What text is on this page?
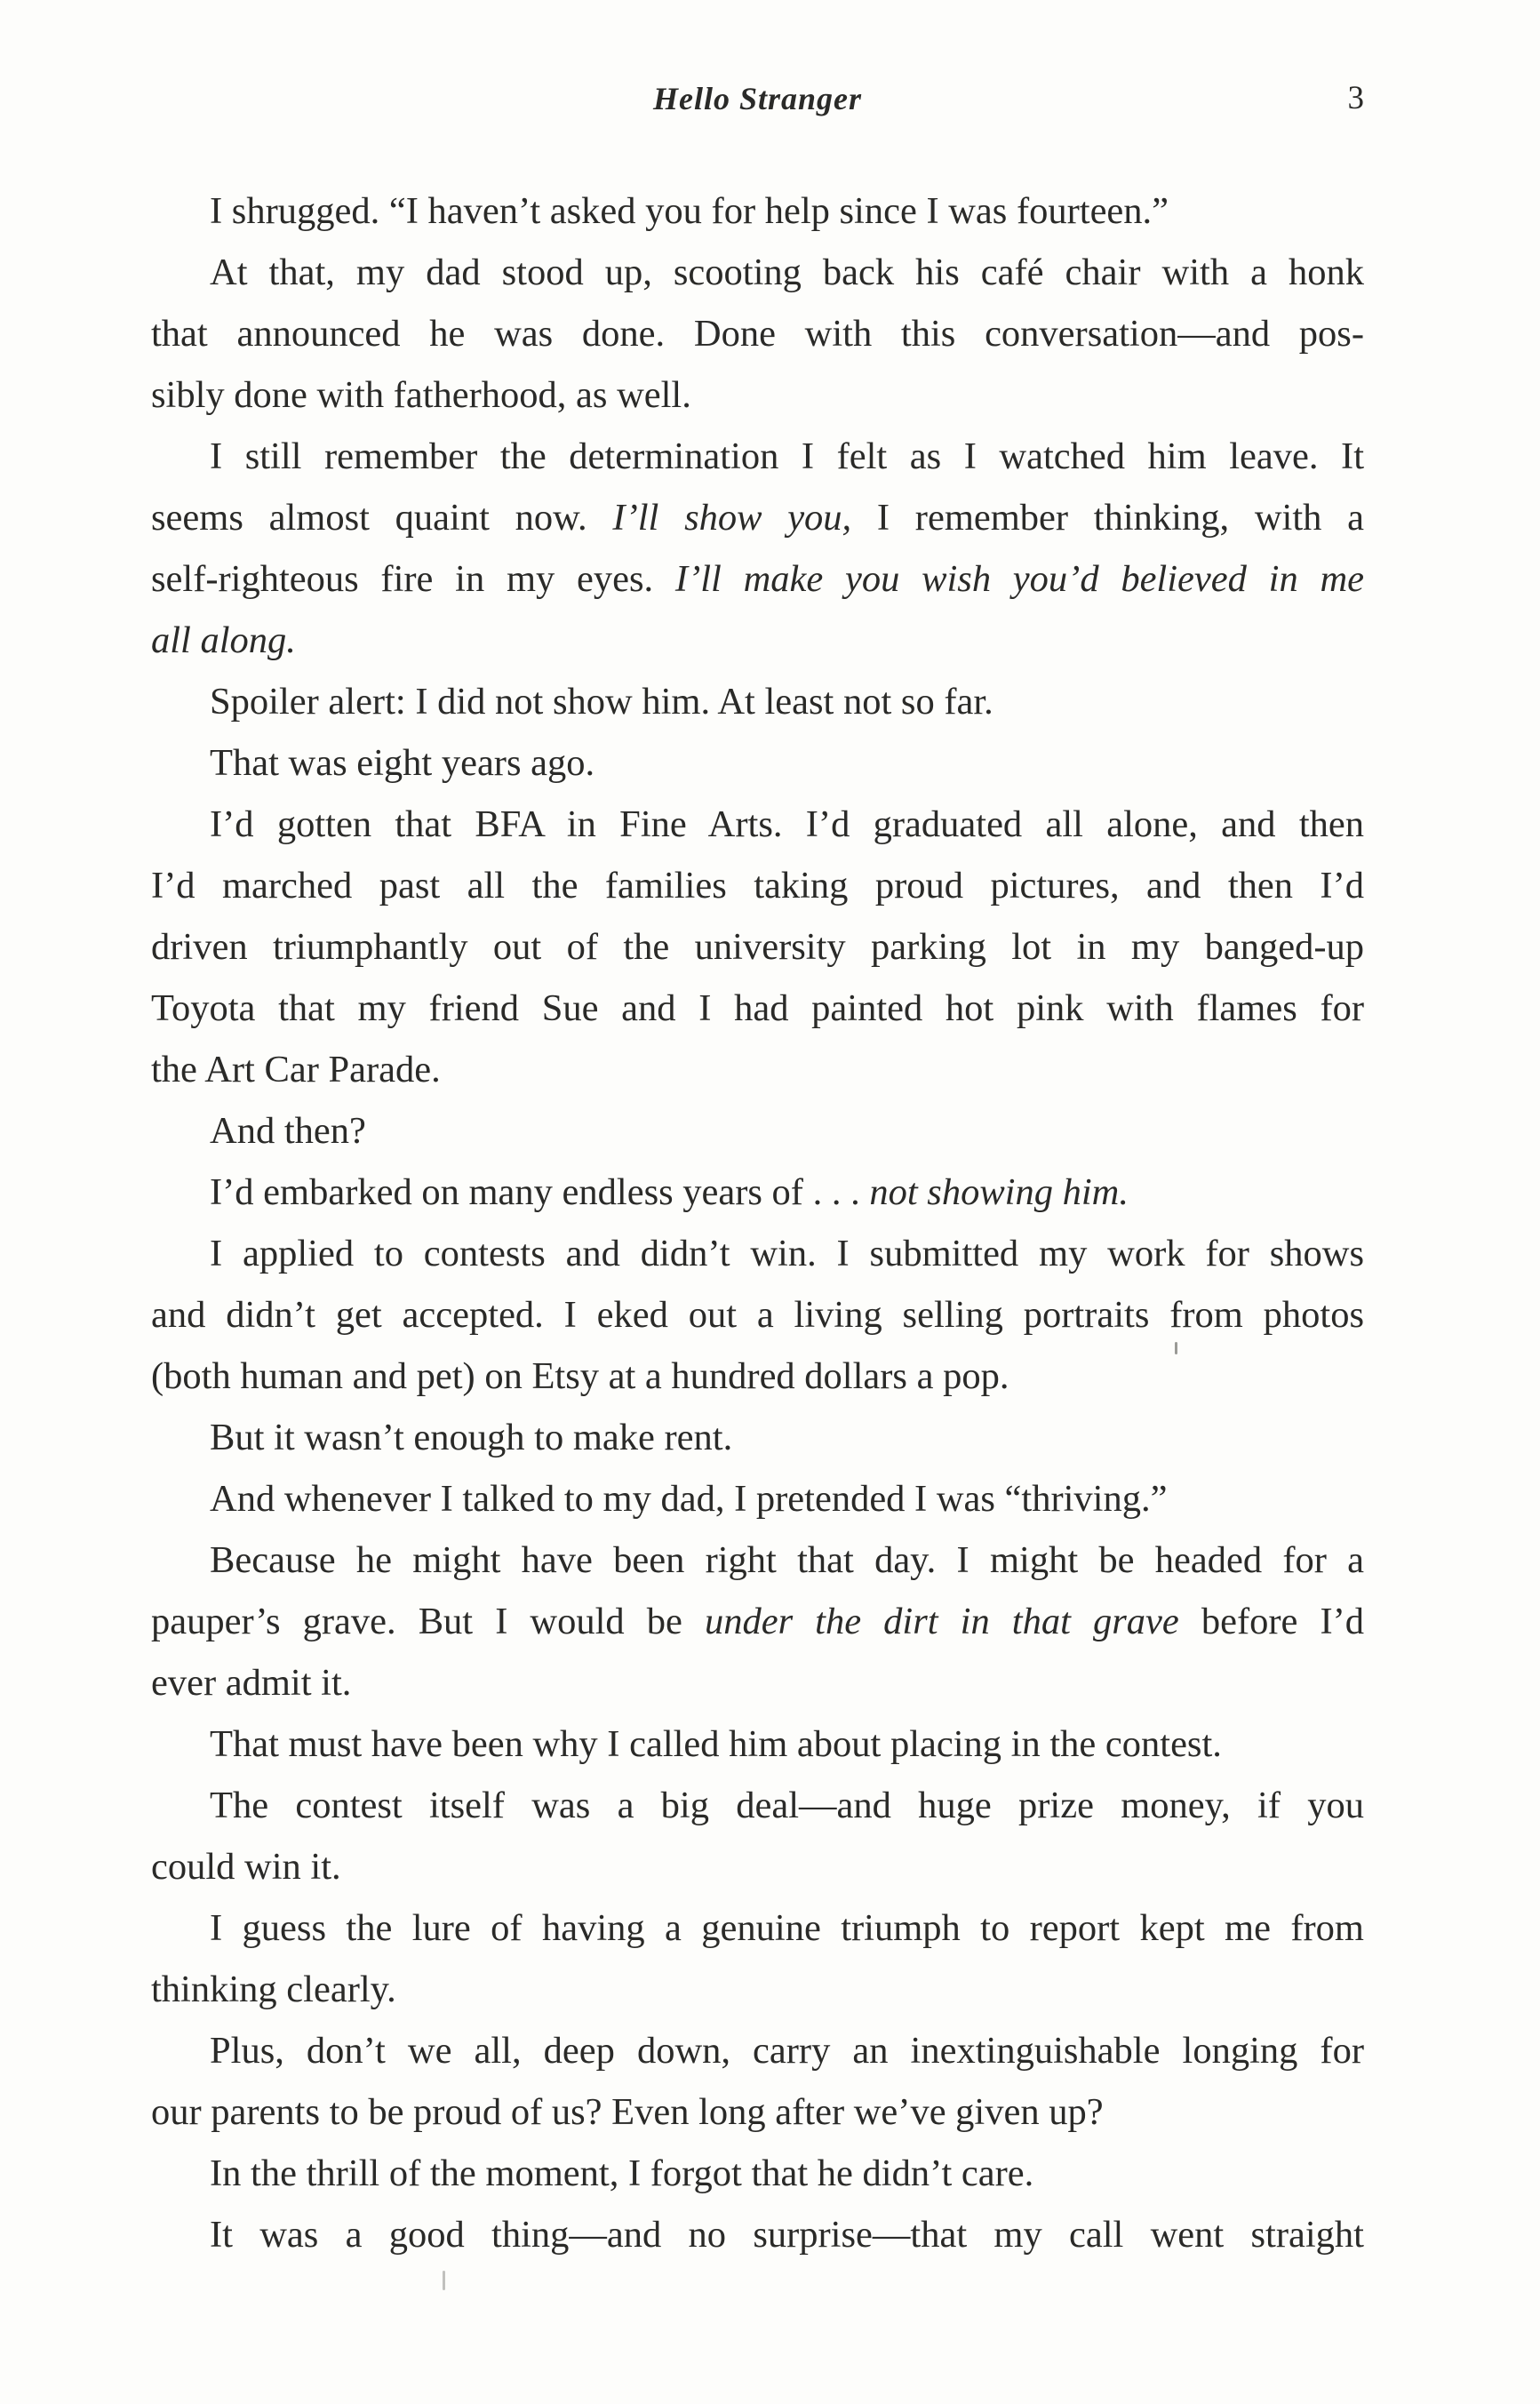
Hello Stranger	3

I shrugged. “I haven’t asked you for help since I was fourteen.”

At that, my dad stood up, scooting back his café chair with a honk
that announced he was done. Done with this conversation—and pos-
sibly done with fatherhood, as well.

I still remember the determination I felt as I watched him leave. It
seems almost quaint now. I’ll show you, I remember thinking, with a
self-righteous fire in my eyes. I’ll make you wish you’d believed in me
all along.

Spoiler alert: I did not show him. At least not so far.

That was eight years ago.

I’d gotten that BFA in Fine Arts. I’d graduated all alone, and then
I’d marched past all the families taking proud pictures, and then I’d
driven triumphantly out of the university parking lot in my banged-up
Toyota that my friend Sue and I had painted hot pink with flames for
the Art Car Parade.

And then?

I’d embarked on many endless years of . . . not showing him.

I applied to contests and didn’t win. I submitted my work for shows
and didn’t get accepted. I eked out a living selling portraits from photos
(both human and pet) on Etsy at a hundred dollars a pop.

But it wasn’t enough to make rent.

And whenever I talked to my dad, I pretended I was “thriving.”

Because he might have been right that day. I might be headed for a
pauper’s grave. But I would be under the dirt in that grave before I’d
ever admit it.

That must have been why I called him about placing in the contest.

The contest itself was a big deal—and huge prize money, if you
could win it.

I guess the lure of having a genuine triumph to report kept me from
thinking clearly.

Plus, don’t we all, deep down, carry an inextinguishable longing for
our parents to be proud of us? Even long after we’ve given up?

In the thrill of the moment, I forgot that he didn’t care.

It was a good thing—and no surprise—that my call went straight
